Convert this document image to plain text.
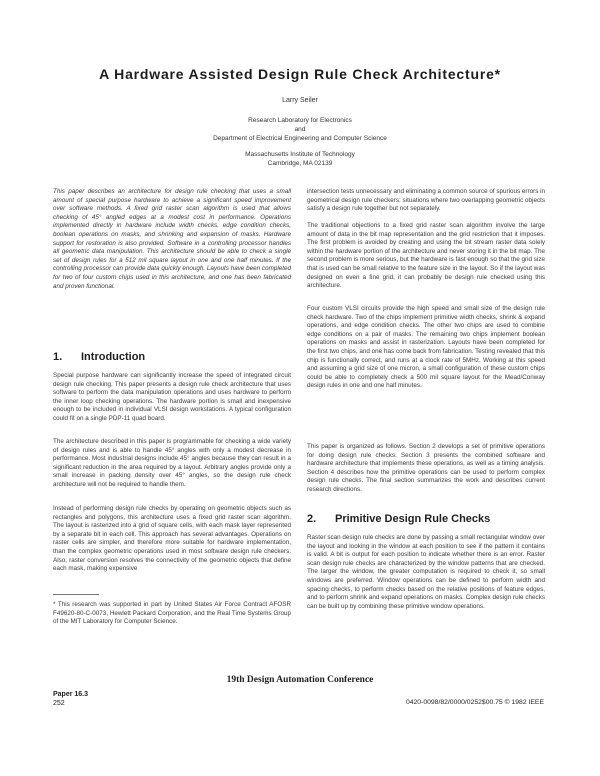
A Hardware Assisted Design Rule Check Architecture*
Larry Seiler
Research Laboratory for Electronics
and
Department of Electrical Engineering and Computer Science
Massachusetts Institute of Technology
Cambridge, MA 02139

This paper describes an architecture for design rule checking that uses a small amount of special purpose hardware to achieve a significant speed improvement over software methods. A fixed grid raster scan algorithm is used that allows checking of 45° angled edges at a modest cost in performance. Operations implemented directly in hardware include width checks, edge condition checks, boolean operations on masks, and shrinking and expansion of masks. Hardware support for restoration is also provided. Software in a controlling processor handles all geometric data manipulation. This architecture should be able to check a single set of design rules for a 512 mil square layout in one and one half minutes. If the controlling processor can provide data quickly enough. Layouts have been completed for two of four custom chips used in this architecture, and one has been fabricated and proven functional.

1. Introduction

Special purpose hardware can significantly increase the speed of integrated circuit design rule checking. This paper presents a design rule check architecture that uses software to perform the data manipulation operations and uses hardware to perform the inner loop checking operations. The hardware portion is small and inexpensive enough to be included in individual VLSI design workstations. A typical configuration could fit on a single PDP-11 quad board.

The architecture described in this paper is programmable for checking a wide variety of design rules and is able to handle 45° angles with only a modest decrease in performance. Most industrial designs include 45° angles because they can result in a significant reduction in the area required by a layout. Arbitrary angles provide only a small increase in packing density over 45° angles, so the design rule check architecture will not be required to handle them.

Instead of performing design rule checks by operating on geometric objects such as rectangles and polygons, this architecture uses a fixed grid raster scan algorithm. The layout is rasterized into a grid of square cells, with each mask layer represented by a separate bit in each cell. This approach has several advantages. Operations on raster cells are simpler, and therefore more suitable for hardware implementation, than the complex geometric operations used in most software design rule checkers. Also, raster conversion resolves the connectivity of the geometric objects that define each mask, making expensive

* This research was supported in part by United States Air Force Contract AFOSR F49620-80-C-0073, Hewlett Packard Corporation, and the Real Time Systems Group of the MIT Laboratory for Computer Science.

intersection tests unnecessary and eliminating a common source of spurious errors in geometrical design rule checkers: situations where two overlapping geometric objects satisfy a design rule together but not separately.

The traditional objections to a fixed grid raster scan algorithm involve the large amount of data in the bit map representation and the grid restriction that it imposes. The first problem is avoided by creating and using the bit stream raster data solely within the hardware portion of the architecture and never storing it in the bit map. The second problem is more serious, but the hardware is fast enough so that the grid size that is used can be small relative to the feature size in the layout. So if the layout was designed on even a fine grid, it can probably be design rule checked using this architecture.

Four custom VLSI circuits provide the high speed and small size of the design rule check hardware. Two of the chips implement primitive width checks, shrink & expand operations, and edge condition checks. The other two chips are used to combine edge conditions on a pair of masks. The remaining two chips implement boolean operations on masks and assist in rasterization. Layouts have been completed for the first two chips, and one has come back from fabrication. Testing revealed that this chip is functionally correct, and runs at a clock rate of 5MHz. Working at this speed and assuming a grid size of one micron, a small configuration of these custom chips could be able to completely check a 500 mil square layout for the Mead/Conway design rules in one and one half minutes.

This paper is organized as follows. Section 2 develops a set of primitive operations for doing design rule checks. Section 3 presents the combined software and hardware architecture that implements these operations, as well as a timing analysis. Section 4 describes how the primitive operations can be used to perform complex design rule checks. The final section summarizes the work and describes current research directions.

2. Primitive Design Rule Checks

Raster scan design rule checks are done by passing a small rectangular window over the layout and looking in the window at each position to see if the pattern it contains is valid. A bit is output for each position to indicate whether there is an error. Raster scan design rule checks are characterized by the window patterns that are checked. The larger the window, the greater computation is required to check it, so small windows are preferred. Window operations can be defined to perform width and spacing checks, to perform checks based on the relative positions of feature edges, and to perform shrink and expand operations on masks. Complex design rule checks can be built up by combining these primitive window operations.

19th Design Automation Conference
Paper 16.3
252	0420-0098/82/0000/0252$00.75 © 1982 IEEE
